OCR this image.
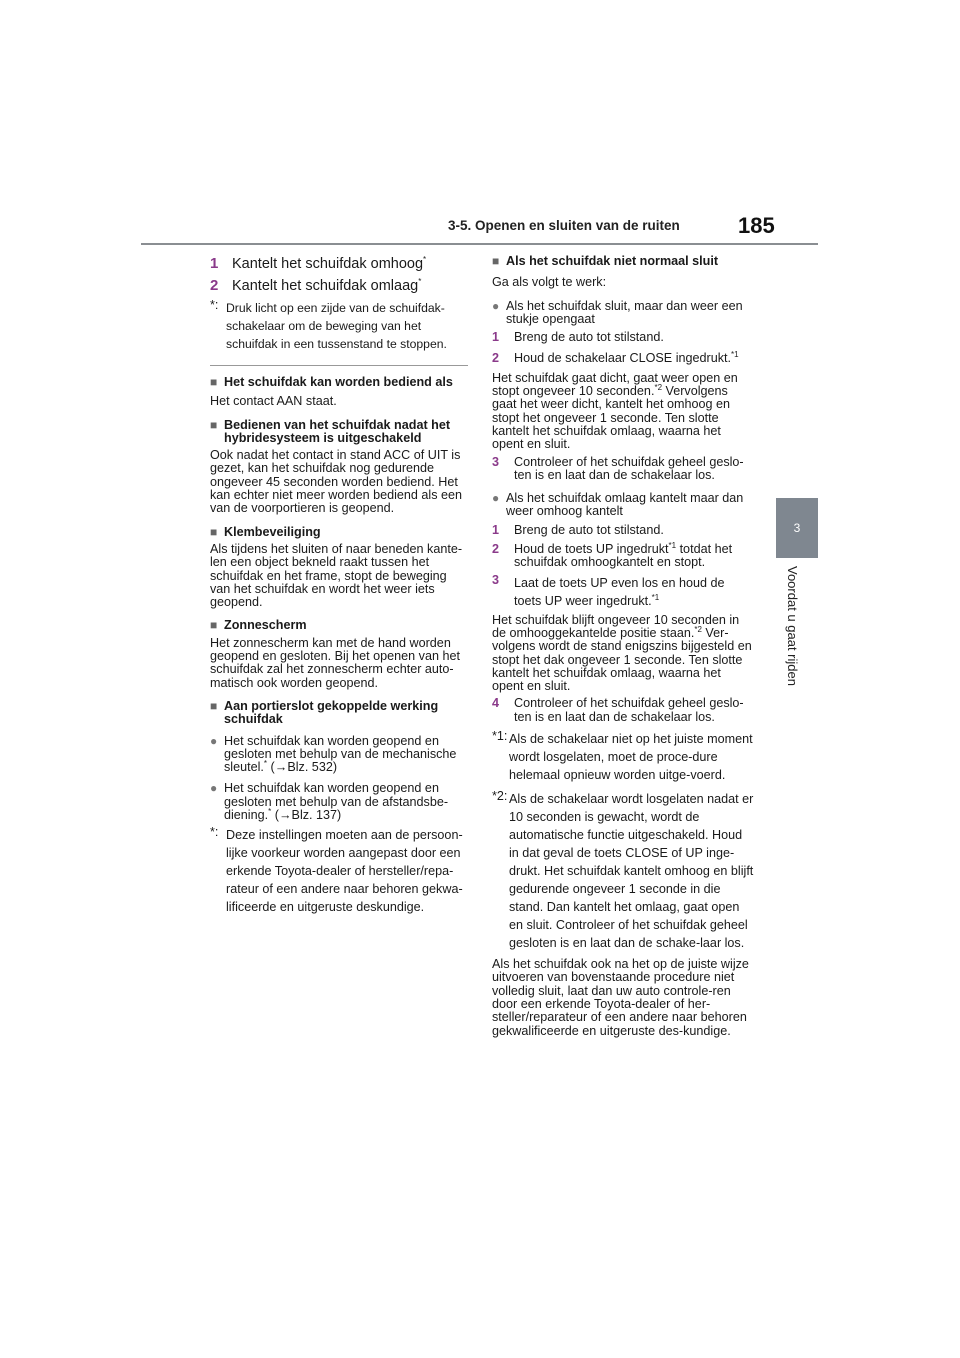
3-5. Openen en sluiten van de ruiten	185
3
Voordat u gaat rijden
1 Kantelt het schuifdak omhoog*
2 Kantelt het schuifdak omlaag*
*: Druk licht op een zijde van de schuifdak-schakelaar om de beweging van het schuifdak in een tussenstand te stoppen.
■ Het schuifdak kan worden bediend als
Het contact AAN staat.
■ Bedienen van het schuifdak nadat het hybridesysteem is uitgeschakeld
Ook nadat het contact in stand ACC of UIT is gezet, kan het schuifdak nog gedurende ongeveer 45 seconden worden bediend. Het kan echter niet meer worden bediend als een van de voorportieren is geopend.
■ Klembeveiliging
Als tijdens het sluiten of naar beneden kante-len een object bekneld raakt tussen het schuifdak en het frame, stopt de beweging van het schuifdak en wordt het weer iets geopend.
■ Zonnescherm
Het zonnescherm kan met de hand worden geopend en gesloten. Bij het openen van het schuifdak zal het zonnescherm echter auto-matisch ook worden geopend.
■ Aan portierslot gekoppelde werking schuifdak
● Het schuifdak kan worden geopend en gesloten met behulp van de mechanische sleutel.* (→Blz. 532)
● Het schuifdak kan worden geopend en gesloten met behulp van de afstandsbe-diening.* (→Blz. 137)
*: Deze instellingen moeten aan de persoon-lijke voorkeur worden aangepast door een erkende Toyota-dealer of hersteller/repa-rateur of een andere naar behoren gekwa-lificeerde en uitgeruste deskundige.
■ Als het schuifdak niet normaal sluit
Ga als volgt te werk:
● Als het schuifdak sluit, maar dan weer een stukje opengaat
1	Breng de auto tot stilstand.
2	Houd de schakelaar CLOSE ingedrukt.$^{*1}$
Het schuifdak gaat dicht, gaat weer open en stopt ongeveer 10 seconden.$^{*2}$ Vervolgens gaat het weer dicht, kantelt het omhoog en stopt het ongeveer 1 seconde. Ten slotte kantelt het schuifdak omlaag, waarna het opent en sluit.
3	Controleer of het schuifdak geheel geslo-ten is en laat dan de schakelaar los.
● Als het schuifdak omlaag kantelt maar dan weer omhoog kantelt
1	Breng de auto tot stilstand.
2	Houd de toets UP ingedrukt$^{*1}$ totdat het schuifdak omhoogkantelt en stopt.
3	Laat de toets UP even los en houd de toets UP weer ingedrukt.$^{*1}$
Het schuifdak blijft ongeveer 10 seconden in de omhooggekantelde positie staan.$^{*2}$ Ver-volgens wordt de stand enigszins bijgesteld en stopt het dak ongeveer 1 seconde. Ten slotte kantelt het schuifdak omlaag, waarna het opent en sluit.
4	Controleer of het schuifdak geheel geslo-ten is en laat dan de schakelaar los.
*1: Als de schakelaar niet op het juiste moment wordt losgelaten, moet de proce-dure helemaal opnieuw worden uitge-voerd.
*2: Als de schakelaar wordt losgelaten nadat er 10 seconden is gewacht, wordt de automatische functie uitgeschakeld. Houd in dat geval de toets CLOSE of UP inge-drukt. Het schuifdak kantelt omhoog en blijft gedurende ongeveer 1 seconde in die stand. Dan kantelt het omlaag, gaat open en sluit. Controleer of het schuifdak geheel gesloten is en laat dan de schake-laar los.
Als het schuifdak ook na het op de juiste wijze uitvoeren van bovenstaande procedure niet volledig sluit, laat dan uw auto controle-ren door een erkende Toyota-dealer of her-steller/reparateur of een andere naar behoren gekwalificeerde en uitgeruste des-kundige.
